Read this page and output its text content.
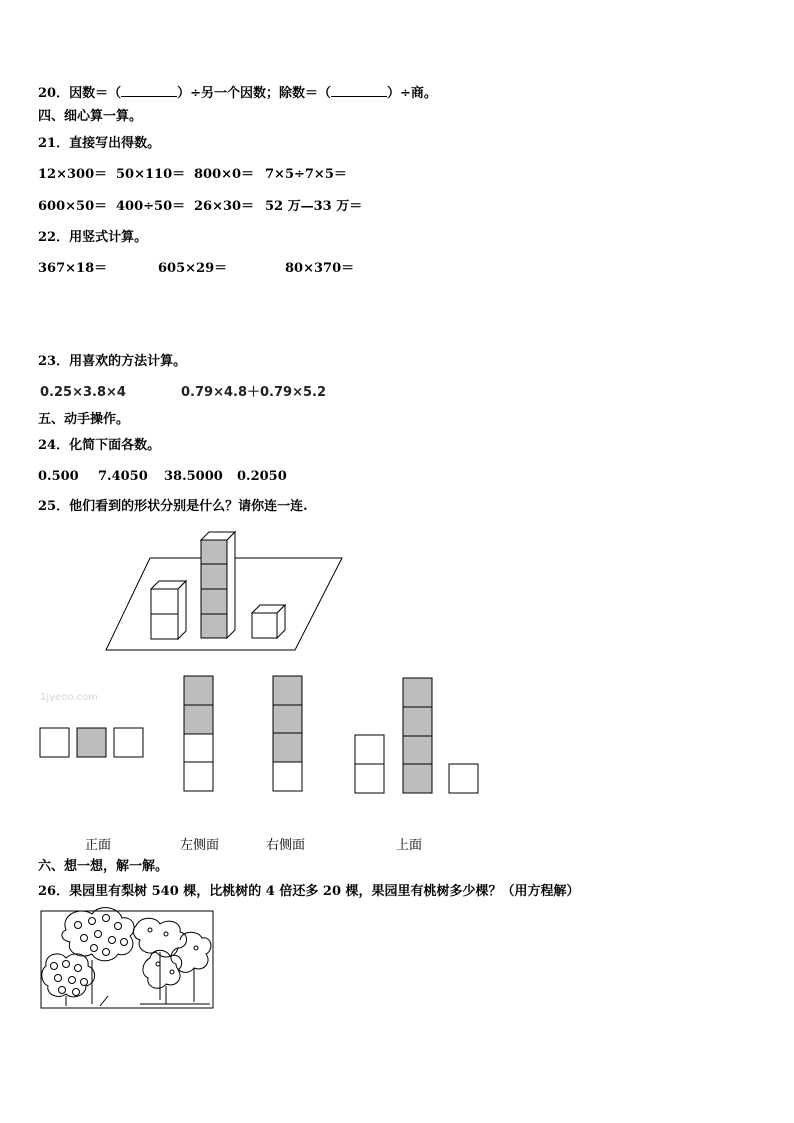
20．因数＝（	）÷另一个因数；除数＝（	）÷商。
四、细心算一算。
21．直接写出得数。
12×300＝ 50×110＝ 800×0＝ 7×5÷7×5＝
600×50＝ 400÷50＝ 26×30＝ 52 万—33 万＝
22．用竖式计算。
367×18＝	605×29＝	80×370＝
23．用喜欢的方法计算。
0.25×3.8×4	0.79×4.8＋0.79×5.2
五、动手操作。
24．化简下面各数。
0.500 7.4050 38.5000 0.2050
25．他们看到的形状分别是什么？请你连一连.
1jyeoo.com
正面	左侧面	右侧面	上面
六、想一想，解一解。
26．果园里有梨树 540 棵，比桃树的 4 倍还多 20 棵，果园里有桃树多少棵？（用方程解）
